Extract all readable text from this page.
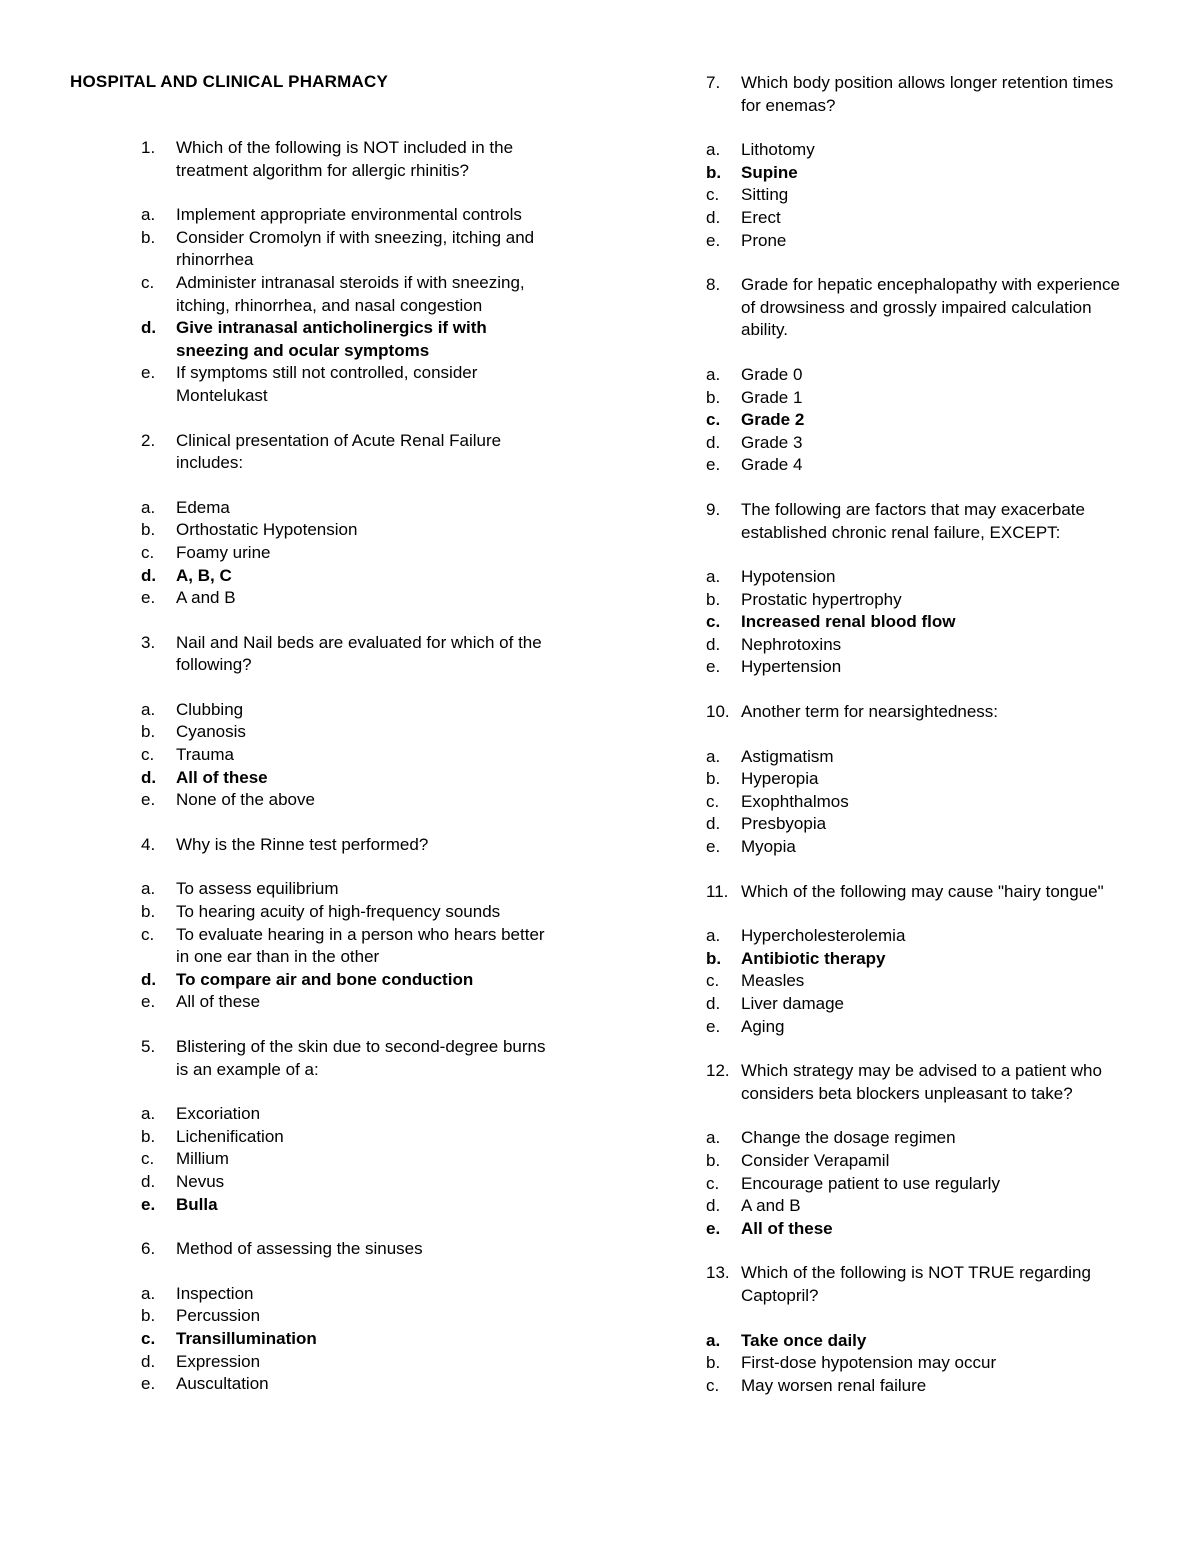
HOSPITAL AND CLINICAL PHARMACY
1.	Which of the following is NOT included in the treatment algorithm for allergic rhinitis?
a.	Implement appropriate environmental controls
b.	Consider Cromolyn if with sneezing, itching and rhinorrhea
c.	Administer intranasal steroids if with sneezing, itching, rhinorrhea, and nasal congestion
d.	Give intranasal anticholinergics if with sneezing and ocular symptoms
e.	If symptoms still not controlled, consider Montelukast
2.	Clinical presentation of Acute Renal Failure includes:
a.	Edema
b.	Orthostatic Hypotension
c.	Foamy urine
d.	A, B, C
e.	A and B
3.	Nail and Nail beds are evaluated for which of the following?
a.	Clubbing
b.	Cyanosis
c.	Trauma
d.	All of these
e.	None of the above
4.	Why is the Rinne test performed?
a.	To assess equilibrium
b.	To hearing acuity of high-frequency sounds
c.	To evaluate hearing in a person who hears better in one ear than in the other
d.	To compare air and bone conduction
e.	All of these
5.	Blistering of the skin due to second-degree burns is an example of a:
a.	Excoriation
b.	Lichenification
c.	Millium
d.	Nevus
e.	Bulla
6.	Method of assessing the sinuses
a.	Inspection
b.	Percussion
c.	Transillumination
d.	Expression
e.	Auscultation
7.	Which body position allows longer retention times for enemas?
a.	Lithotomy
b.	Supine
c.	Sitting
d.	Erect
e.	Prone
8.	Grade for hepatic encephalopathy with experience of drowsiness and grossly impaired calculation ability.
a.	Grade 0
b.	Grade 1
c.	Grade 2
d.	Grade 3
e.	Grade 4
9.	The following are factors that may exacerbate established chronic renal failure, EXCEPT:
a.	Hypotension
b.	Prostatic hypertrophy
c.	Increased renal blood flow
d.	Nephrotoxins
e.	Hypertension
10. Another term for nearsightedness:
a.	Astigmatism
b.	Hyperopia
c.	Exophthalmos
d.	Presbyopia
e.	Myopia
11. Which of the following may cause "hairy tongue"
a.	Hypercholesterolemia
b.	Antibiotic therapy
c.	Measles
d.	Liver damage
e.	Aging
12. Which strategy may be advised to a patient who considers beta blockers unpleasant to take?
a.	Change the dosage regimen
b.	Consider Verapamil
c.	Encourage patient to use regularly
d.	A and B
e.	All of these
13. Which of the following is NOT TRUE regarding Captopril?
a.	Take once daily
b.	First-dose hypotension may occur
c.	May worsen renal failure
